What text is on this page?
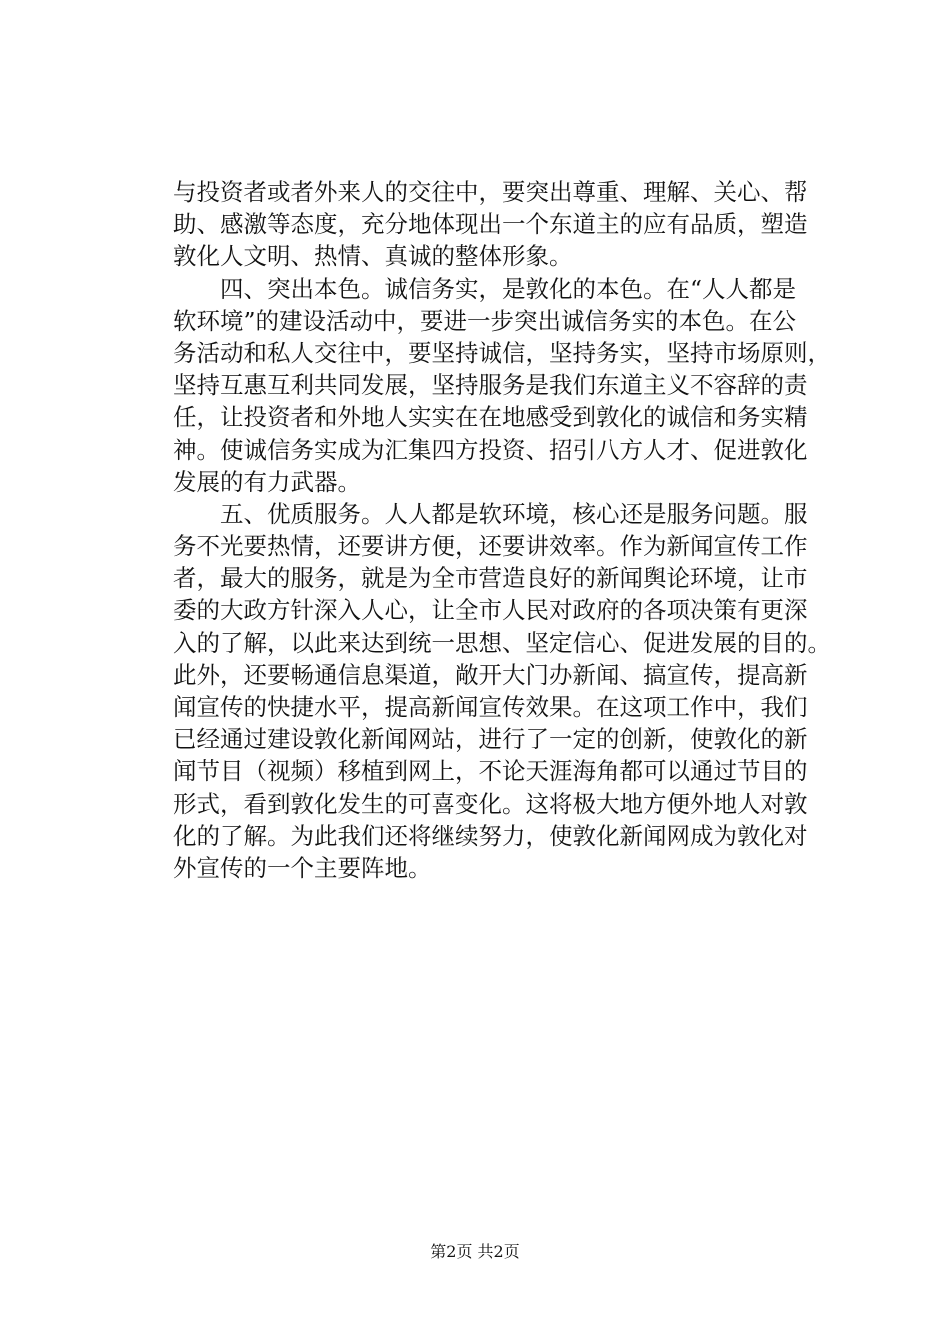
与投资者或者外来人的交往中，要突出尊重、理解、关心、帮
助、感激等态度，充分地体现出一个东道主的应有品质，塑造
敦化人文明、热情、真诚的整体形象。
　　四、突出本色。诚信务实，是敦化的本色。在“人人都是
软环境”的建设活动中，要进一步突出诚信务实的本色。在公
务活动和私人交往中，要坚持诚信，坚持务实，坚持市场原则，
坚持互惠互利共同发展，坚持服务是我们东道主义不容辞的责
任，让投资者和外地人实实在在地感受到敦化的诚信和务实精
神。使诚信务实成为汇集四方投资、招引八方人才、促进敦化
发展的有力武器。
　　五、优质服务。人人都是软环境，核心还是服务问题。服
务不光要热情，还要讲方便，还要讲效率。作为新闻宣传工作
者，最大的服务，就是为全市营造良好的新闻舆论环境，让市
委的大政方针深入人心，让全市人民对政府的各项决策有更深
入的了解，以此来达到统一思想、坚定信心、促进发展的目的。
此外，还要畅通信息渠道，敞开大门办新闻、搞宣传，提高新
闻宣传的快捷水平，提高新闻宣传效果。在这项工作中，我们
已经通过建设敦化新闻网站，进行了一定的创新，使敦化的新
闻节目（视频）移植到网上，不论天涯海角都可以通过节目的
形式，看到敦化发生的可喜变化。这将极大地方便外地人对敦
化的了解。为此我们还将继续努力，使敦化新闻网成为敦化对
外宣传的一个主要阵地。
第2页 共2页
